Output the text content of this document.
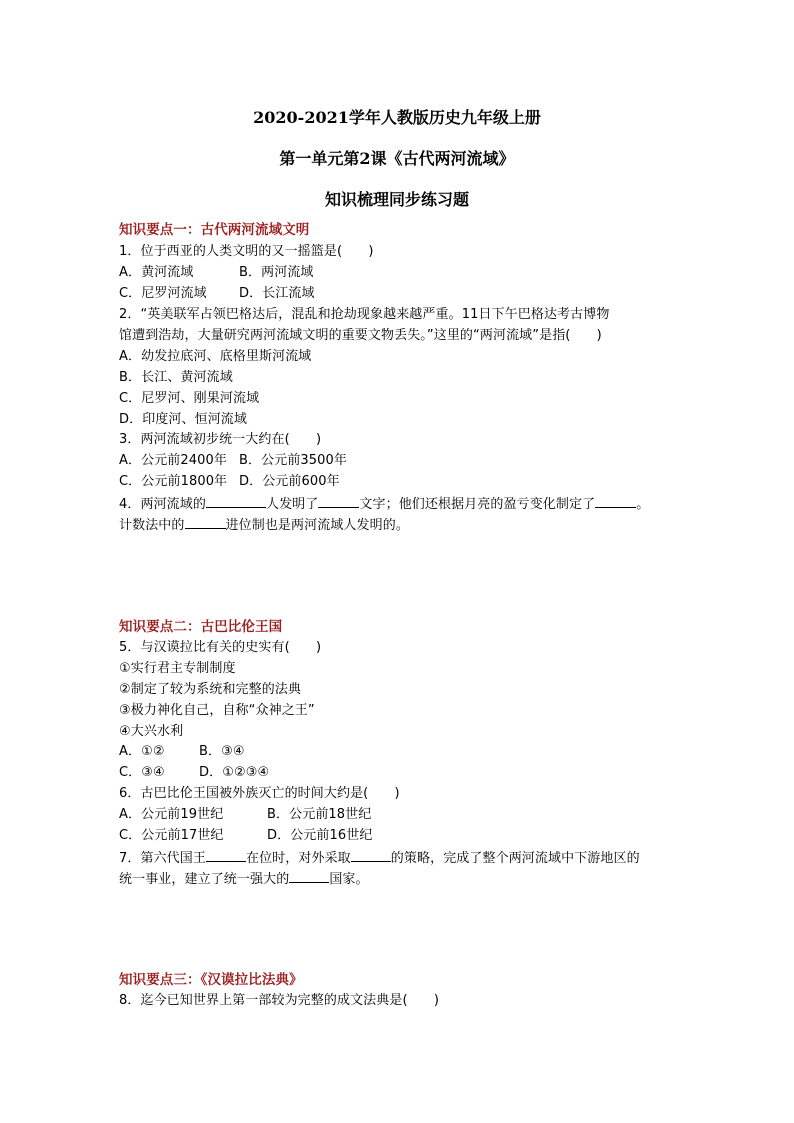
2020-2021学年人教版历史九年级上册
第一单元第2课《古代两河流域》
知识梳理同步练习题
知识要点一：古代两河流域文明
1．位于西亚的人类文明的又一摇篮是(　　)
A．黄河流域	B．两河流域
C．尼罗河流域 D．长江流域
2．“英美联军占领巴格达后，混乱和抢劫现象越来越严重。11日下午巴格达考古博物
馆遭到浩劫，大量研究两河流域文明的重要文物丢失。”这里的“两河流域”是指(　　)
A．幼发拉底河、底格里斯河流域
B．长江、黄河流域
C．尼罗河、刚果河流域
D．印度河、恒河流域
3．两河流域初步统一大约在(　　)
A．公元前2400年 B．公元前3500年
C．公元前1800年 D．公元前600年
4．两河流域的	人发明了	文字；他们还根据月亮的盈亏变化制定了	。
计数法中的	进位制也是两河流域人发明的。
知识要点二：古巴比伦王国
5．与汉谟拉比有关的史实有(　　)
①实行君主专制制度
②制定了较为系统和完整的法典
③极力神化自己，自称“众神之王”
④大兴水利
A．①②	B．③④
C．③④	D．①②③④
6．古巴比伦王国被外族灭亡的时间大约是(　　)
A．公元前19世纪	B．公元前18世纪
C．公元前17世纪	D．公元前16世纪
7．第六代国王	在位时，对外采取	的策略，完成了整个两河流域中下游地区的
统一事业，建立了统一强大的	国家。
知识要点三：《汉谟拉比法典》
8．迄今已知世界上第一部较为完整的成文法典是(　　)
